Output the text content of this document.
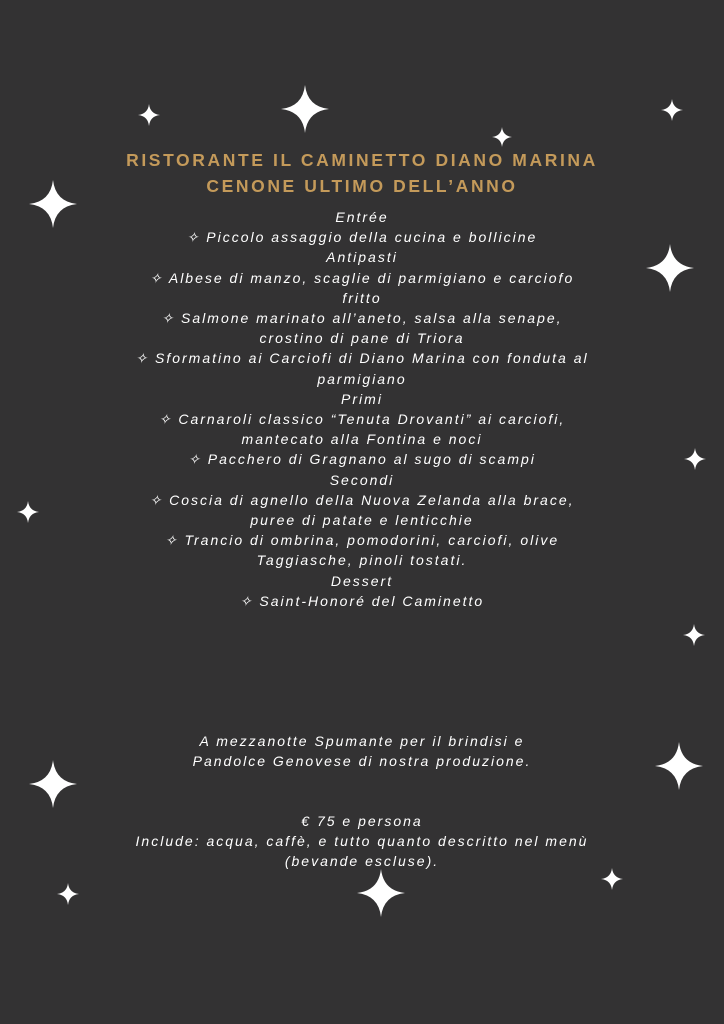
RISTORANTE IL CAMINETTO DIANO MARINA
CENONE ULTIMO DELL’ANNO

Entrée

✧ Piccolo assaggio della cucina e bollicine

Antipasti

✧ Albese di manzo, scaglie di parmigiano e carciofo

fritto

✧ Salmone marinato all’aneto, salsa alla senape,

crostino di pane di Triora

✧ Sformatino ai Carciofi di Diano Marina con fonduta al

parmigiano

Primi

✧ Carnaroli classico “Tenuta Drovanti” ai carciofi,

mantecato alla Fontina e noci

✧ Pacchero di Gragnano al sugo di scampi

Secondi

✧ Coscia di agnello della Nuova Zelanda alla brace,

puree di patate e lenticchie

✧ Trancio di ombrina, pomodorini, carciofi, olive

Taggiasche, pinoli tostati.

Dessert

✧ Saint-Honoré del Caminetto

A mezzanotte Spumante per il brindisi e

Pandolce Genovese di nostra produzione.

€ 75 e persona

Include: acqua, caffè, e tutto quanto descritto nel menù

(bevande escluse).
